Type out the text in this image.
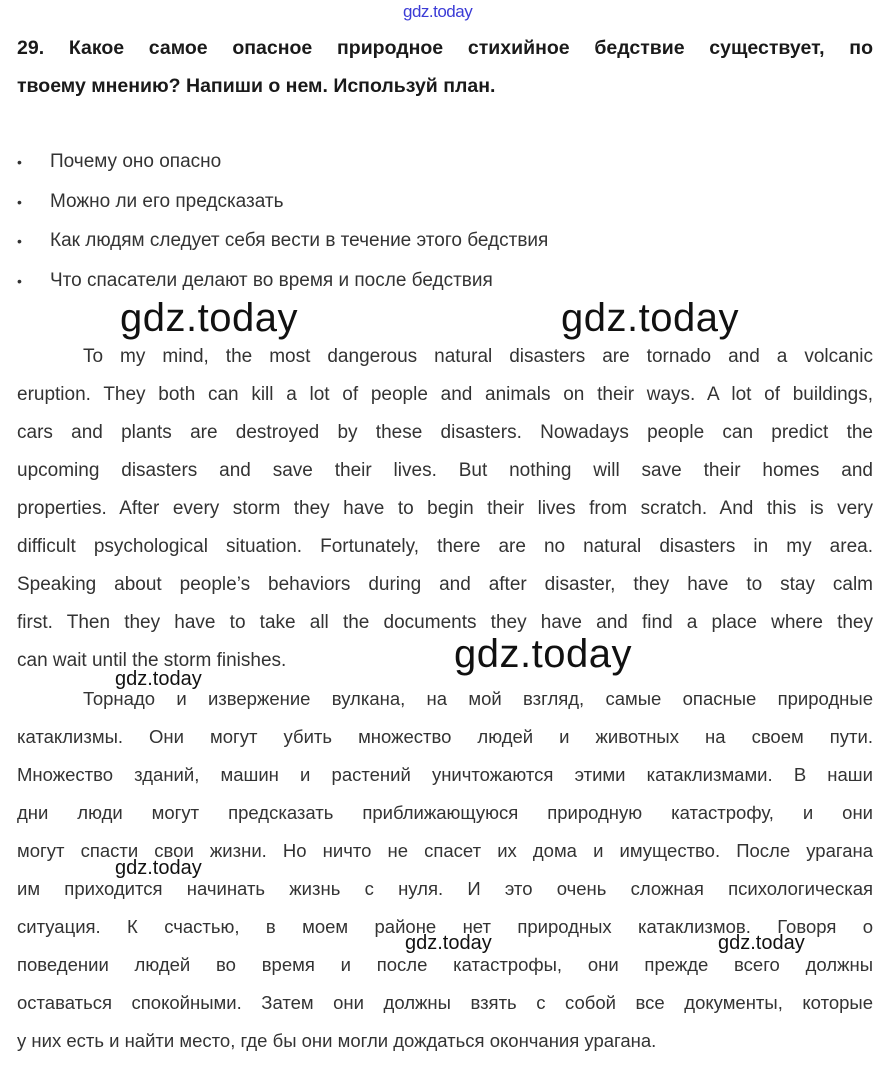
gdz.today
29. Какое самое опасное природное стихийное бедствие существует, по
твоему мнению? Напиши о нем. Используй план.
•	Почему оно опасно
•	Можно ли его предсказать
•	Как людям следует себя вести в течение этого бедствия
•	Что спасатели делают во время и после бедствия
To my mind, the most dangerous natural disasters are tornado and a volcanic
eruption. They both can kill a lot of people and animals on their ways. A lot of buildings,
cars and plants are destroyed by these disasters. Nowadays people can predict the
upcoming disasters and save their lives. But nothing will save their homes and
properties. After every storm they have to begin their lives from scratch. And this is very
difficult psychological situation. Fortunately, there are no natural disasters in my area.
Speaking about people’s behaviors during and after disaster, they have to stay calm
first. Then they have to take all the documents they have and find a place where they
can wait until the storm finishes.
Торнадо и извержение вулкана, на мой взгляд, самые опасные природные
катаклизмы. Они могут убить множество людей и животных на своем пути.
Множество зданий, машин и растений уничтожаются этими катаклизмами. В наши
дни люди могут предсказать приближающуюся природную катастрофу, и они
могут спасти свои жизни. Но ничто не спасет их дома и имущество. После урагана
им приходится начинать жизнь с нуля. И это очень сложная психологическая
ситуация. К счастью, в моем районе нет природных катаклизмов. Говоря о
поведении людей во время и после катастрофы, они прежде всего должны
оставаться спокойными. Затем они должны взять с собой все документы, которые
у них есть и найти место, где бы они могли дождаться окончания урагана.
gdz.today	gdz.today
gdz.today
gdz.today
gdz.today
gdz.today	gdz.today
